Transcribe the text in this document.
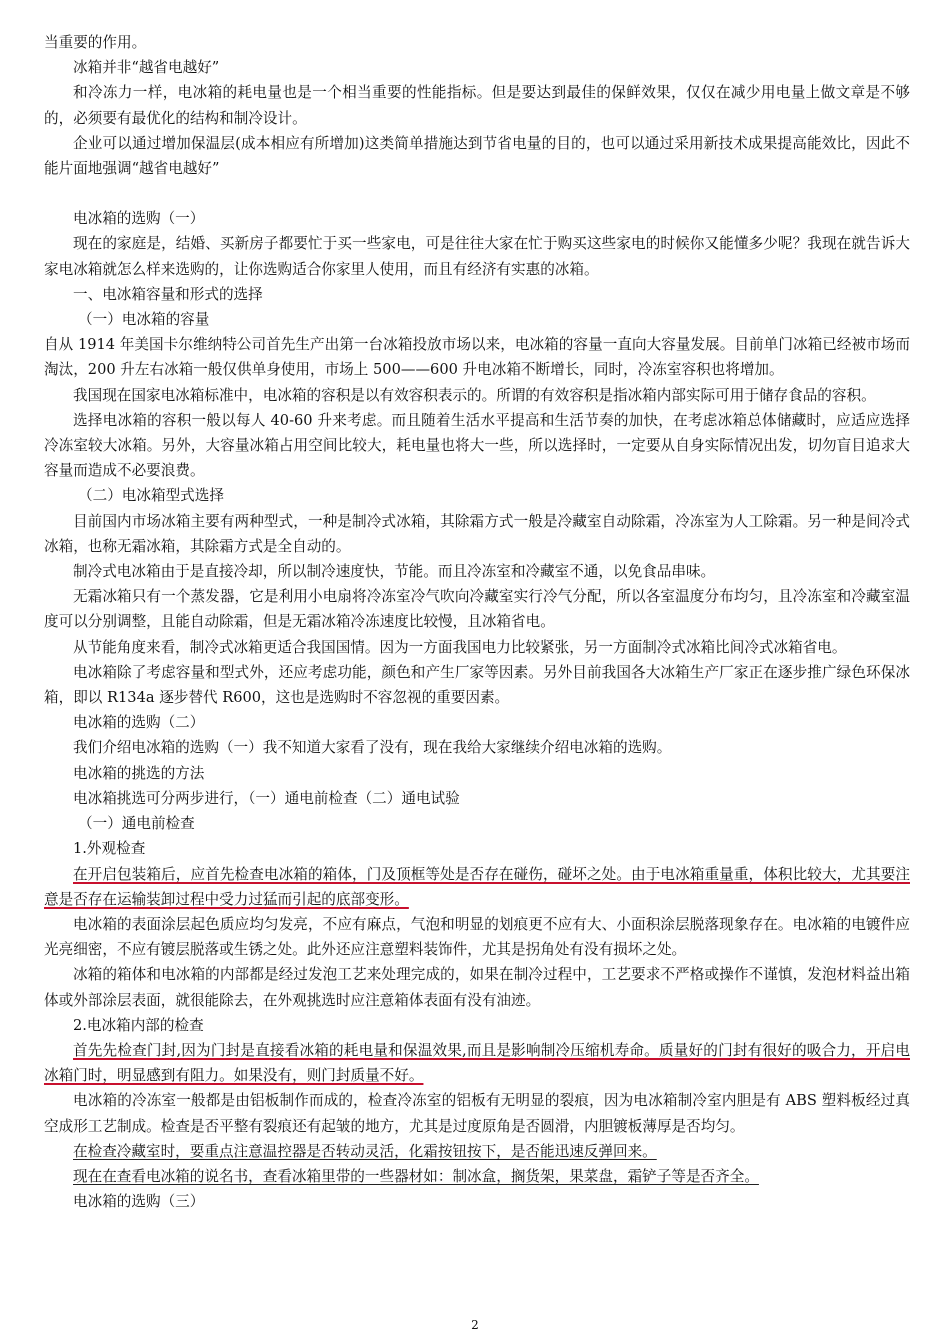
当重要的作用。

冰箱并非“越省电越好”

和冷冻力一样，电冰箱的耗电量也是一个相当重要的性能指标。但是要达到最佳的保鲜效果，仅仅在减少用电量上做文章是不够的，必须要有最优化的结构和制冷设计。

企业可以通过增加保温层(成本相应有所增加)这类简单措施达到节省电量的目的，也可以通过采用新技术成果提高能效比，因此不能片面地强调“越省电越好”

电冰箱的选购（一）

现在的家庭是，结婚、买新房子都要忙于买一些家电，可是往往大家在忙于购买这些家电的时候你又能懂多少呢？我现在就告诉大家电冰箱就怎么样来选购的，让你选购适合你家里人使用，而且有经济有实惠的冰箱。

一、电冰箱容量和形式的选择

（一）电冰箱的容量

自从 1914 年美国卡尔维纳特公司首先生产出第一台冰箱投放市场以来，电冰箱的容量一直向大容量发展。目前单门冰箱已经被市场而淘汰，200 升左右冰箱一般仅供单身使用，市场上 500——600 升电冰箱不断增长，同时，冷冻室容积也将增加。

我国现在国家电冰箱标准中，电冰箱的容积是以有效容积表示的。所谓的有效容积是指冰箱内部实际可用于储存食品的容积。

选择电冰箱的容积一般以每人 40-60 升来考虑。而且随着生活水平提高和生活节奏的加快，在考虑冰箱总体储藏时，应适应选择冷冻室较大冰箱。另外，大容量冰箱占用空间比较大，耗电量也将大一些，所以选择时，一定要从自身实际情况出发，切勿盲目追求大容量而造成不必要浪费。

（二）电冰箱型式选择

目前国内市场冰箱主要有两种型式，一种是制冷式冰箱，其除霜方式一般是冷藏室自动除霜，冷冻室为人工除霜。另一种是间冷式冰箱，也称无霜冰箱，其除霜方式是全自动的。

制冷式电冰箱由于是直接冷却，所以制冷速度快，节能。而且冷冻室和冷藏室不通，以免食品串味。

无霜冰箱只有一个蒸发器，它是利用小电扇将冷冻室冷气吹向冷藏室实行冷气分配，所以各室温度分布均匀，且冷冻室和冷藏室温度可以分别调整，且能自动除霜，但是无霜冰箱冷冻速度比较慢，且冰箱省电。

从节能角度来看，制冷式冰箱更适合我国国情。因为一方面我国电力比较紧张，另一方面制冷式冰箱比间冷式冰箱省电。

电冰箱除了考虑容量和型式外，还应考虑功能，颜色和产生厂家等因素。另外目前我国各大冰箱生产厂家正在逐步推广绿色环保冰箱，即以 R134a 逐步替代 R600，这也是选购时不容忽视的重要因素。

电冰箱的选购（二）

我们介绍电冰箱的选购（一）我不知道大家看了没有，现在我给大家继续介绍电冰箱的选购。

电冰箱的挑选的方法

电冰箱挑选可分两步进行，（一）通电前检查（二）通电试验

（一）通电前检查

1.外观检查

在开启包装箱后，应首先检查电冰箱的箱体，门及顶框等处是否存在碰伤，碰坏之处。由于电冰箱重量重，体积比较大，尤其要注意是否存在运输装卸过程中受力过猛而引起的底部变形。

电冰箱的表面涂层起色质应均匀发亮，不应有麻点，气泡和明显的划痕更不应有大、小面积涂层脱落现象存在。电冰箱的电镀件应光亮细密，不应有镀层脱落或生锈之处。此外还应注意塑料装饰件，尤其是拐角处有没有损坏之处。

冰箱的箱体和电冰箱的内部都是经过发泡工艺来处理完成的，如果在制冷过程中，工艺要求不严格或操作不谨慎，发泡材料益出箱体或外部涂层表面，就很能除去，在外观挑选时应注意箱体表面有没有油迹。

2.电冰箱内部的检查

首先先检查门封,因为门封是直接看冰箱的耗电量和保温效果,而且是影响制冷压缩机寿命。质量好的门封有很好的吸合力，开启电冰箱门时，明显感到有阻力。如果没有，则门封质量不好。

电冰箱的冷冻室一般都是由铝板制作而成的，检查冷冻室的铝板有无明显的裂痕，因为电冰箱制冷室内胆是有 ABS 塑料板经过真空成形工艺制成。检查是否平整有裂痕还有起皱的地方，尤其是过度原角是否圆滑，内胆镀板薄厚是否均匀。

在检查冷藏室时，要重点注意温控器是否转动灵活，化霜按钮按下，是否能迅速反弹回来。

现在在查看电冰箱的说名书，查看冰箱里带的一些器材如：制冰盒，搁货架，果菜盘，霜铲子等是否齐全。

电冰箱的选购（三）

2
